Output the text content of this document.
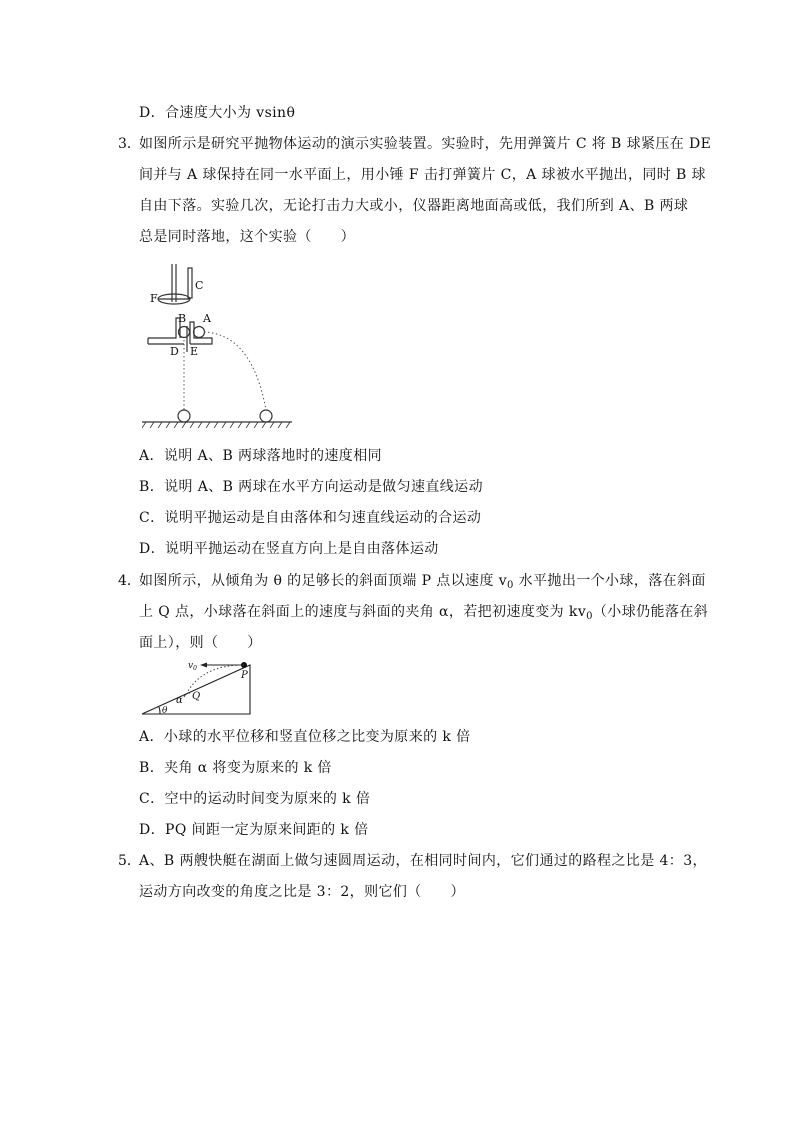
D．合速度大小为 vsinθ
3．
如图所示是研究平抛物体运动的演示实验装置。实验时，先用弹簧片 C 将 B 球紧压在 DE
间并与 A 球保持在同一水平面上，用小锤 F 击打弹簧片 C，A 球被水平抛出，同时 B 球
自由下落。实验几次，无论打击力大或小，仪器距离地面高或低，我们所到 A、B 两球
总是同时落地，这个实验（　　）
F
C
B A
D E
A．说明 A、B 两球落地时的速度相同
B．说明 A、B 两球在水平方向运动是做匀速直线运动
C．说明平抛运动是自由落体和匀速直线运动的合运动
D．说明平抛运动在竖直方向上是自由落体运动
4．
如图所示，从倾角为 θ 的足够长的斜面顶端 P 点以速度 $v_0$ 水平抛出一个小球，落在斜面
上 Q 点，小球落在斜面上的速度与斜面的夹角 α，若把初速度变为 $kv_0$（小球仍能落在斜
面上），则（　　）
$v_0$
P
Q
α
θ
A．小球的水平位移和竖直位移之比变为原来的 k 倍
B．夹角 α 将变为原来的 k 倍
C．空中的运动时间变为原来的 k 倍
D．PQ 间距一定为原来间距的 k 倍
5．
A、B 两艘快艇在湖面上做匀速圆周运动，在相同时间内，它们通过的路程之比是 4：3，
运动方向改变的角度之比是 3：2，则它们（　　）
